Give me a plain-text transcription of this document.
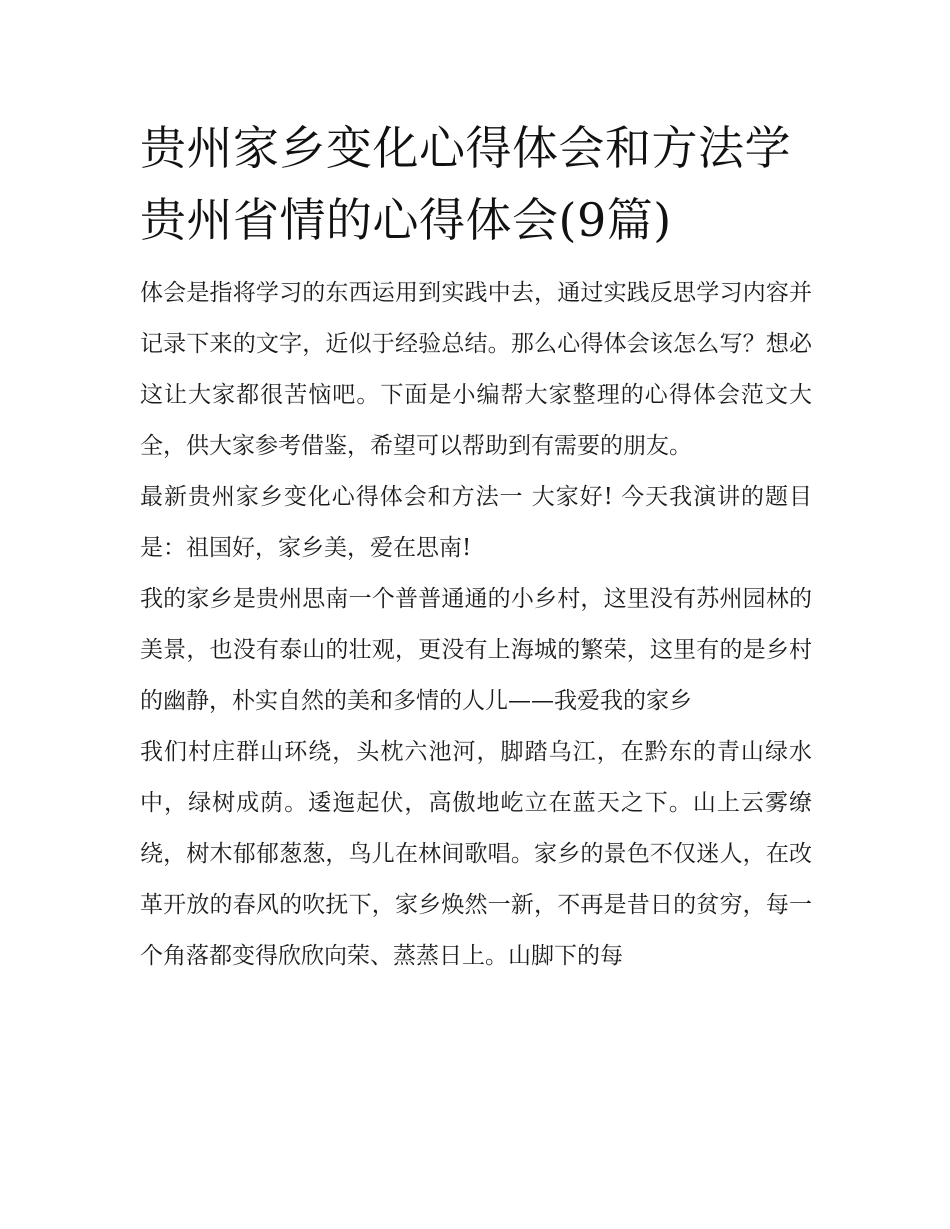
贵州家乡变化心得体会和方法学贵州省情的心得体会(9篇)

体会是指将学习的东西运用到实践中去，通过实践反思学习内容并记录下来的文字，近似于经验总结。那么心得体会该怎么写？想必这让大家都很苦恼吧。下面是小编帮大家整理的心得体会范文大全，供大家参考借鉴，希望可以帮助到有需要的朋友。

最新贵州家乡变化心得体会和方法一 大家好! 今天我演讲的题目是：祖国好，家乡美，爱在思南!

我的家乡是贵州思南一个普普通通的小乡村，这里没有苏州园林的美景，也没有泰山的壮观，更没有上海城的繁荣，这里有的是乡村的幽静，朴实自然的美和多情的人儿——我爱我的家乡

我们村庄群山环绕，头枕六池河，脚踏乌江，在黔东的青山绿水中，绿树成荫。逶迤起伏，高傲地屹立在蓝天之下。山上云雾缭绕，树木郁郁葱葱，鸟儿在林间歌唱。家乡的景色不仅迷人，在改革开放的春风的吹抚下，家乡焕然一新，不再是昔日的贫穷，每一个角落都变得欣欣向荣、蒸蒸日上。山脚下的每
